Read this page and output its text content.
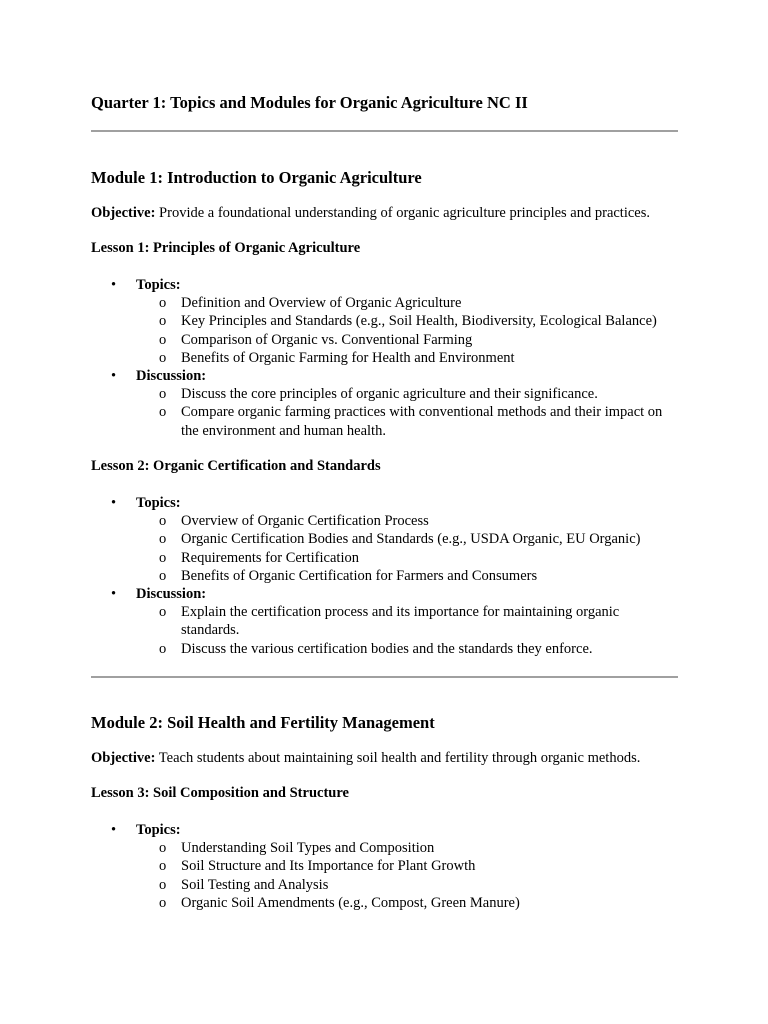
Quarter 1: Topics and Modules for Organic Agriculture NC II
Module 1: Introduction to Organic Agriculture

Objective: Provide a foundational understanding of organic agriculture principles and practices.

Lesson 1: Principles of Organic Agriculture
• Topics:
o Definition and Overview of Organic Agriculture
o Key Principles and Standards (e.g., Soil Health, Biodiversity, Ecological Balance)
o Comparison of Organic vs. Conventional Farming
o Benefits of Organic Farming for Health and Environment
• Discussion:
o Discuss the core principles of organic agriculture and their significance.
o Compare organic farming practices with conventional methods and their impact on the environment and human health.
Lesson 2: Organic Certification and Standards
• Topics:
o Overview of Organic Certification Process
o Organic Certification Bodies and Standards (e.g., USDA Organic, EU Organic)
o Requirements for Certification
o Benefits of Organic Certification for Farmers and Consumers
• Discussion:
o Explain the certification process and its importance for maintaining organic standards.
o Discuss the various certification bodies and the standards they enforce.
Module 2: Soil Health and Fertility Management

Objective: Teach students about maintaining soil health and fertility through organic methods.

Lesson 3: Soil Composition and Structure
• Topics:
o Understanding Soil Types and Composition
o Soil Structure and Its Importance for Plant Growth
o Soil Testing and Analysis
o Organic Soil Amendments (e.g., Compost, Green Manure)
